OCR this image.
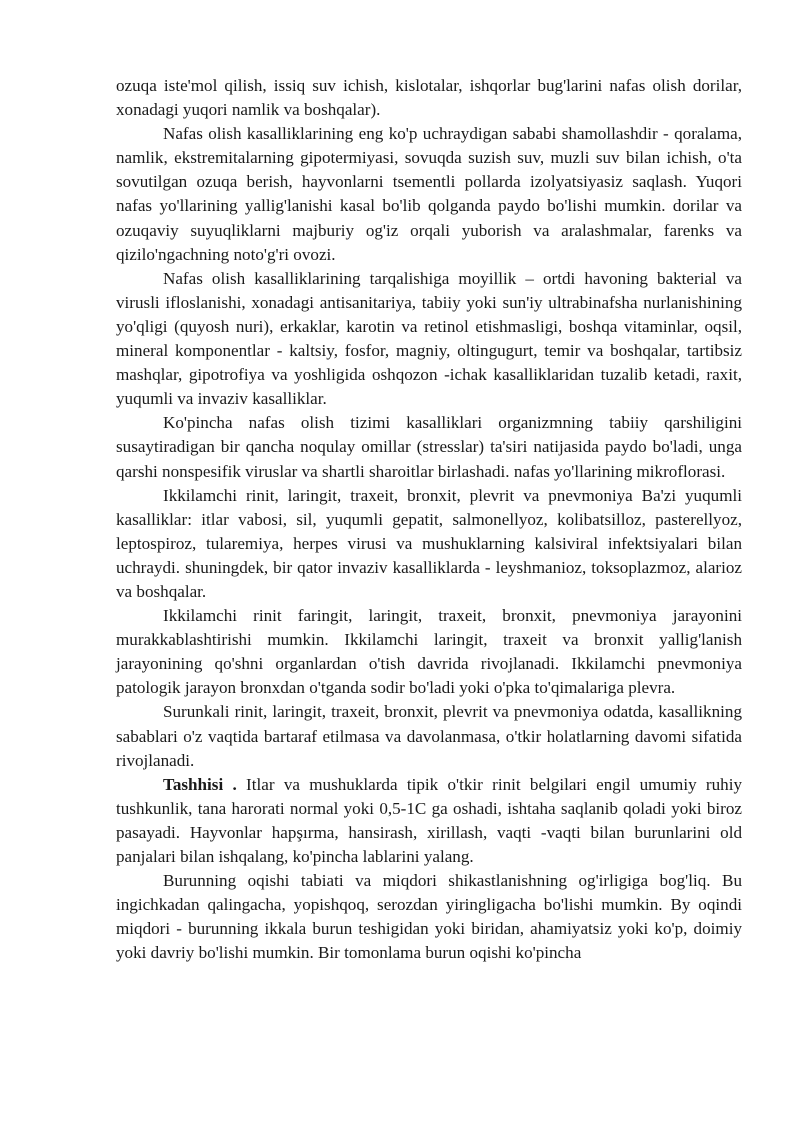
ozuqa iste'mol qilish, issiq suv ichish, kislotalar, ishqorlar bug'larini nafas olish dorilar, xonadagi yuqori namlik va boshqalar).

Nafas olish kasalliklarining eng ko'p uchraydigan sababi shamollashdir - qoralama, namlik, ekstremitalarning gipotermiyasi, sovuqda suzish suv, muzli suv bilan ichish, o'ta sovutilgan ozuqa berish, hayvonlarni tsementli pollarda izolyatsiyasiz saqlash. Yuqori nafas yo'llarining yallig'lanishi kasal bo'lib qolganda paydo bo'lishi mumkin. dorilar va ozuqaviy suyuqliklarni majburiy og'iz orqali yuborish va aralashmalar, farenks va qizilo'ngachning noto'g'ri ovozi.

Nafas olish kasalliklarining tarqalishiga moyillik – ortdi havoning bakterial va virusli ifloslanishi, xonadagi antisanitariya, tabiiy yoki sun'iy ultrabinafsha nurlanishining yo'qligi (quyosh nuri), erkaklar, karotin va retinol etishmasligi, boshqa vitaminlar, oqsil, mineral komponentlar - kaltsiy, fosfor, magniy, oltingugurt, temir va boshqalar, tartibsiz mashqlar, gipotrofiya va yoshligida oshqozon -ichak kasalliklaridan tuzalib ketadi, raxit, yuqumli va invaziv kasalliklar.

Ko'pincha nafas olish tizimi kasalliklari organizmning tabiiy qarshiligini susaytiradigan bir qancha noqulay omillar (stresslar) ta'siri natijasida paydo bo'ladi, unga qarshi nonspesifik viruslar va shartli sharoitlar birlashadi. nafas yo'llarining mikroflorasi.

Ikkilamchi rinit, laringit, traxeit, bronxit, plevrit va pnevmoniya Ba'zi yuqumli kasalliklar: itlar vabosi, sil, yuqumli gepatit, salmonellyoz, kolibatsilloz, pasterellyoz, leptospiroz, tularemiya, herpes virusi va mushuklarning kalsiviral infektsiyalari bilan uchraydi. shuningdek, bir qator invaziv kasalliklarda - leyshmanioz, toksoplazmoz, alarioz va boshqalar.

Ikkilamchi rinit faringit, laringit, traxeit, bronxit, pnevmoniya jarayonini murakkablashtirishi mumkin. Ikkilamchi laringit, traxeit va bronxit yallig'lanish jarayonining qo'shni organlardan o'tish davrida rivojlanadi. Ikkilamchi pnevmoniya patologik jarayon bronxdan o'tganda sodir bo'ladi yoki o'pka to'qimalariga plevra.

Surunkali rinit, laringit, traxeit, bronxit, plevrit va pnevmoniya odatda, kasallikning sabablari o'z vaqtida bartaraf etilmasa va davolanmasa, o'tkir holatlarning davomi sifatida rivojlanadi.

Tashhisi . Itlar va mushuklarda tipik o'tkir rinit belgilari engil umumiy ruhiy tushkunlik, tana harorati normal yoki 0,5-1C ga oshadi, ishtaha saqlanib qoladi yoki biroz pasayadi. Hayvonlar hapşırma, hansirash, xirillash, vaqti -vaqti bilan burunlarini old panjalari bilan ishqalang, ko'pincha lablarini yalang.

Burunning oqishi tabiati va miqdori shikastlanishning og'irligiga bog'liq. Bu ingichkadan qalingacha, yopishqoq, serozdan yiringligacha bo'lishi mumkin. By oqindi miqdori - burunning ikkala burun teshigidan yoki biridan, ahamiyatsiz yoki ko'p, doimiy yoki davriy bo'lishi mumkin. Bir tomonlama burun oqishi ko'pincha
